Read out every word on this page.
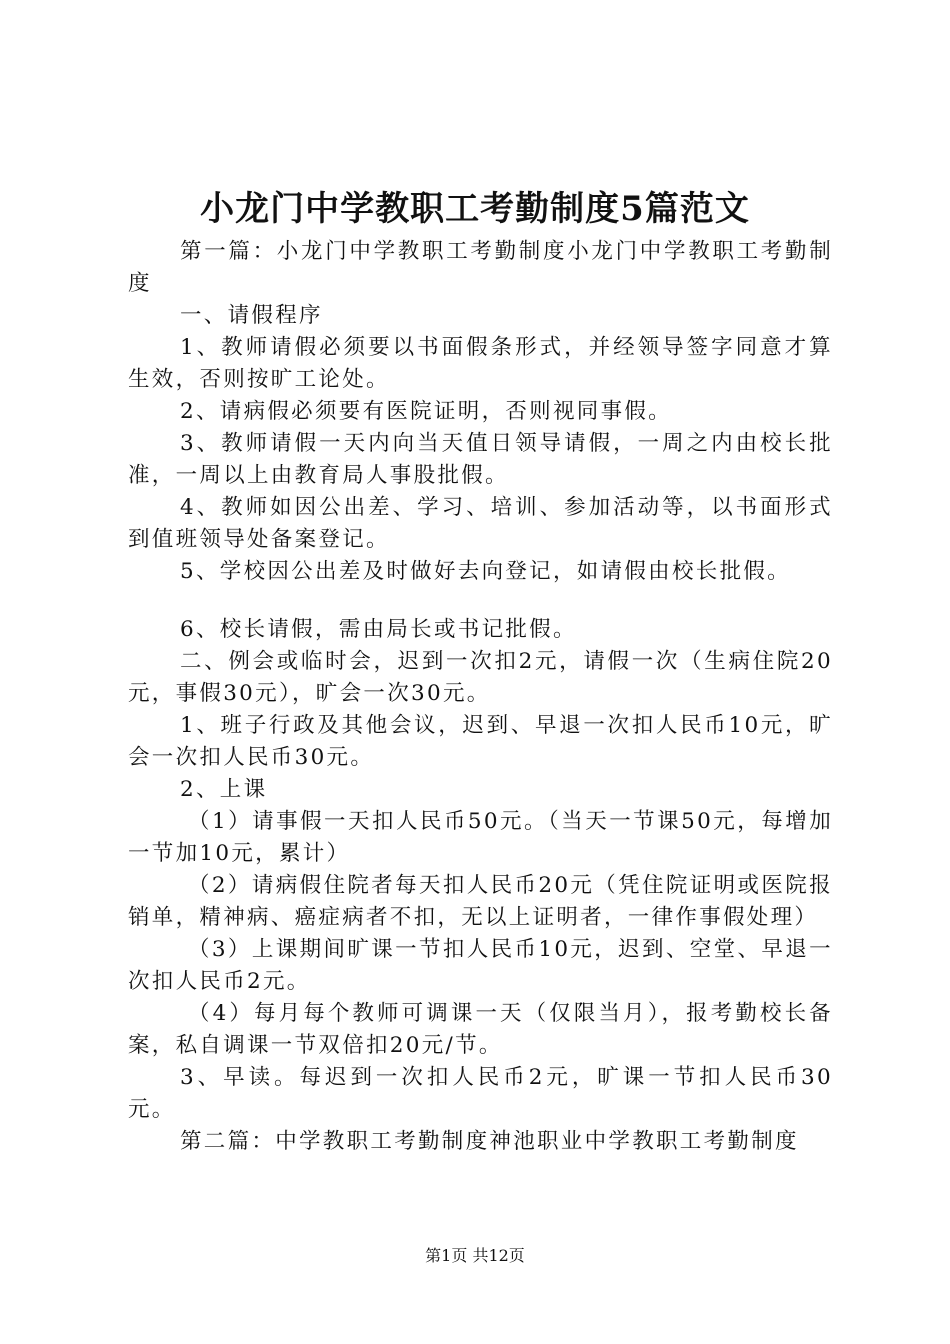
小龙门中学教职工考勤制度5篇范文

第一篇：小龙门中学教职工考勤制度小龙门中学教职工考勤制度

一、请假程序

1、教师请假必须要以书面假条形式，并经领导签字同意才算生效，否则按旷工论处。

2、请病假必须要有医院证明，否则视同事假。

3、教师请假一天内向当天值日领导请假，一周之内由校长批准，一周以上由教育局人事股批假。

4、教师如因公出差、学习、培训、参加活动等，以书面形式到值班领导处备案登记。

5、学校因公出差及时做好去向登记，如请假由校长批假。

6、校长请假，需由局长或书记批假。

二、例会或临时会，迟到一次扣2元，请假一次（生病住院20元，事假30元），旷会一次30元。

1、班子行政及其他会议，迟到、早退一次扣人民币10元，旷会一次扣人民币30元。

2、上课

（1）请事假一天扣人民币50元。（当天一节课50元，每增加一节加10元，累计）

（2）请病假住院者每天扣人民币20元（凭住院证明或医院报销单，精神病、癌症病者不扣，无以上证明者，一律作事假处理）

（3）上课期间旷课一节扣人民币10元，迟到、空堂、早退一次扣人民币2元。

（4）每月每个教师可调课一天（仅限当月），报考勤校长备案，私自调课一节双倍扣20元/节。

3、早读。每迟到一次扣人民币2元，旷课一节扣人民币30元。

第二篇：中学教职工考勤制度神池职业中学教职工考勤制度

第1页 共12页
